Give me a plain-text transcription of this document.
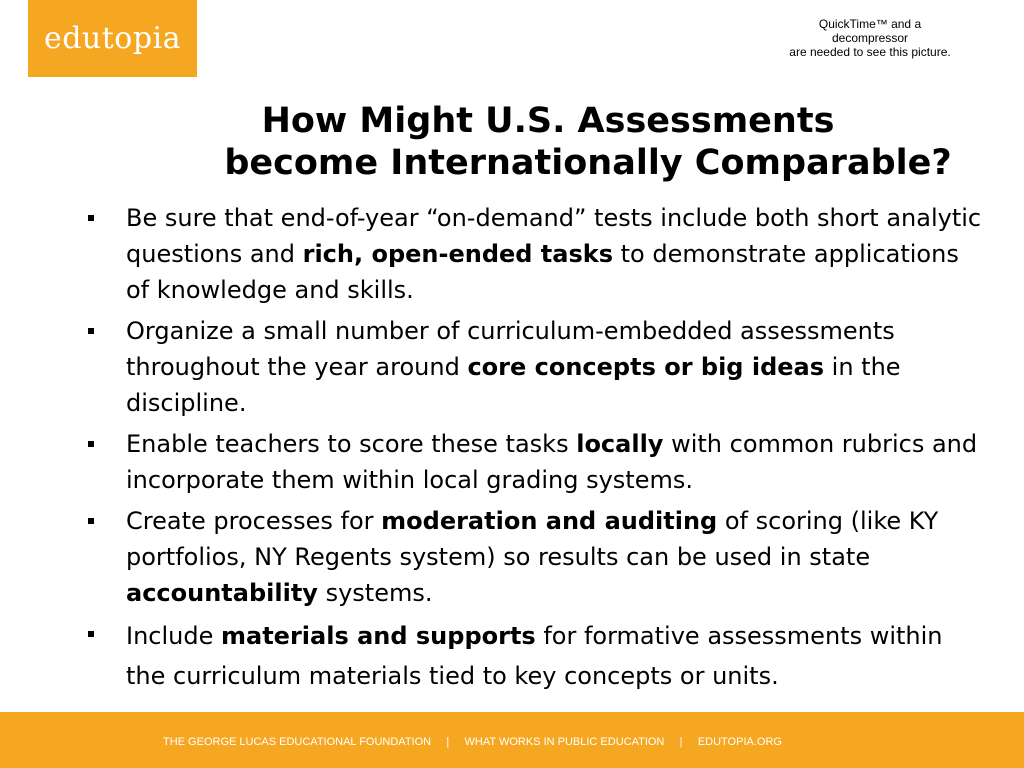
edutopia	QuickTime™ and a
decompressor
are needed to see this picture.
How Might U.S. Assessments
become Internationally Comparable?
Be sure that end-of-year “on-demand” tests include both short analytic questions and rich, open-ended tasks to demonstrate applications of knowledge and skills.
Organize a small number of curriculum-embedded assessments throughout the year around core concepts or big ideas in the discipline.
Enable teachers to score these tasks locally with common rubrics and incorporate them within local grading systems.
Create processes for moderation and auditing of scoring (like KY portfolios, NY Regents system) so results can be used in state accountability systems.
Include materials and supports for formative assessments within the curriculum materials tied to key concepts or units.
THE GEORGE LUCAS EDUCATIONAL FOUNDATION | WHAT WORKS IN PUBLIC EDUCATION | EDUTOPIA.ORG
